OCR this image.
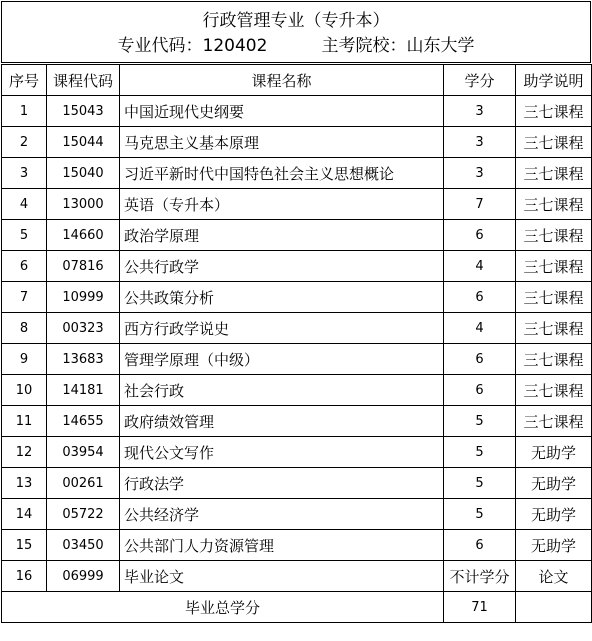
行政管理专业（专升本）
专业代码：120402	主考院校：山东大学
序号	课程代码	课程名称	学分	助学说明
1	15043	中国近现代史纲要	3	三七课程
2	15044	马克思主义基本原理	3	三七课程
3	15040	习近平新时代中国特色社会主义思想概论	3	三七课程
4	13000	英语（专升本）	7	三七课程
5	14660	政治学原理	6	三七课程
6	07816	公共行政学	4	三七课程
7	10999	公共政策分析	6	三七课程
8	00323	西方行政学说史	4	三七课程
9	13683	管理学原理（中级）	6	三七课程
10	14181	社会行政	6	三七课程
11	14655	政府绩效管理	5	三七课程
12	03954	现代公文写作	5	无助学
13	00261	行政法学	5	无助学
14	05722	公共经济学	5	无助学
15	03450	公共部门人力资源管理	6	无助学
16	06999	毕业论文	不计学分	论文
毕业总学分			71	
